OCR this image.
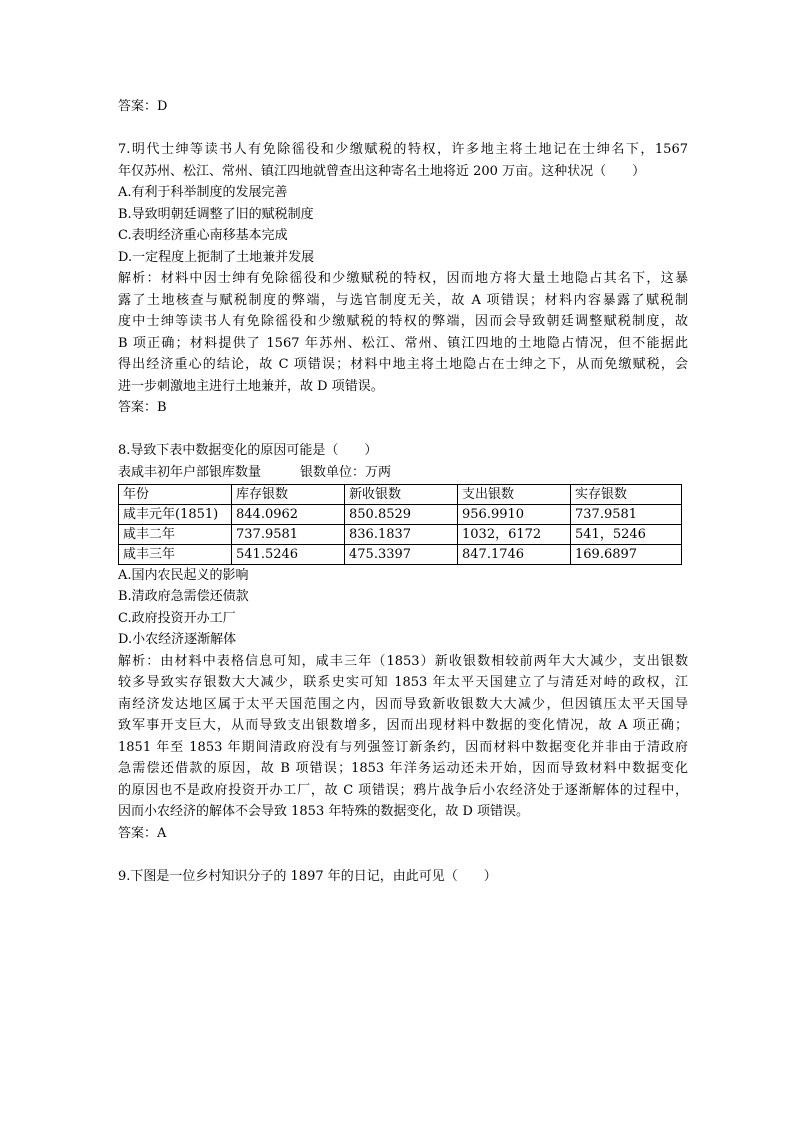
答案：D
7.明代士绅等读书人有免除徭役和少缴赋税的特权，许多地主将土地记在士绅名下，1567
年仅苏州、松江、常州、镇江四地就曾查出这种寄名土地将近 200 万亩。这种状况（　　）
A.有利于科举制度的发展完善
B.导致明朝廷调整了旧的赋税制度
C.表明经济重心南移基本完成
D.一定程度上扼制了土地兼并发展
解析：材料中因士绅有免除徭役和少缴赋税的特权，因而地方将大量土地隐占其名下，这暴
露了土地核查与赋税制度的弊端，与选官制度无关，故 A 项错误；材料内容暴露了赋税制
度中士绅等读书人有免除徭役和少缴赋税的特权的弊端，因而会导致朝廷调整赋税制度，故
B 项正确；材料提供了 1567 年苏州、松江、常州、镇江四地的土地隐占情况，但不能据此
得出经济重心的结论，故 C 项错误；材料中地主将土地隐占在士绅之下，从而免缴赋税，会
进一步刺激地主进行土地兼并，故 D 项错误。
答案：B
8.导致下表中数据变化的原因可能是（　　）
表咸丰初年户部银库数量　　　银数单位：万两
年份	库存银数	新收银数	支出银数	实存银数
咸丰元年(1851)	844.0962	850.8529	956.9910	737.9581
咸丰二年	737.9581	836.1837	1032，6172	541，5246
咸丰三年	541.5246	475.3397	847.1746	169.6897
A.国内农民起义的影响
B.清政府急需偿还债款
C.政府投资开办工厂
D.小农经济逐渐解体
解析：由材料中表格信息可知，咸丰三年（1853）新收银数相较前两年大大减少，支出银数
较多导致实存银数大大减少，联系史实可知 1853 年太平天国建立了与清廷对峙的政权，江
南经济发达地区属于太平天国范围之内，因而导致新收银数大大减少，但因镇压太平天国导
致军事开支巨大，从而导致支出银数增多，因而出现材料中数据的变化情况，故 A 项正确；
1851 年至 1853 年期间清政府没有与列强签订新条约，因而材料中数据变化并非由于清政府
急需偿还借款的原因，故 B 项错误；1853 年洋务运动还未开始，因而导致材料中数据变化
的原因也不是政府投资开办工厂，故 C 项错误；鸦片战争后小农经济处于逐渐解体的过程中，
因而小农经济的解体不会导致 1853 年特殊的数据变化，故 D 项错误。
答案：A
9.下图是一位乡村知识分子的 1897 年的日记，由此可见（　　）
